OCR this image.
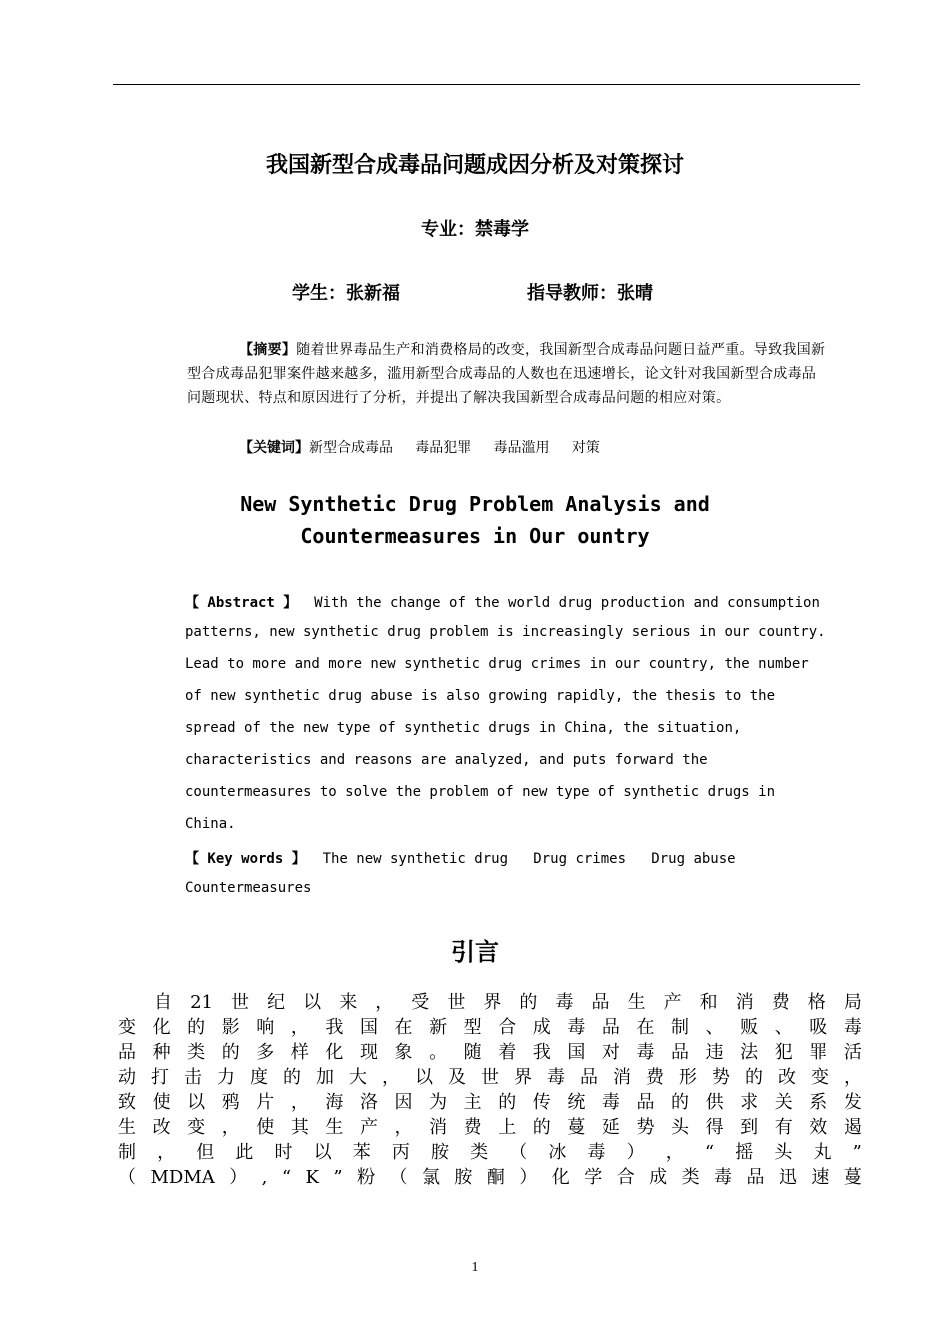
我国新型合成毒品问题成因分析及对策探讨
专业：禁毒学
学生：张新福	指导教师：张晴

【摘要】随着世界毒品生产和消费格局的改变，我国新型合成毒品问题日益严重。导致我国新型合成毒品犯罪案件越来越多，滥用新型合成毒品的人数也在迅速增长，论文针对我国新型合成毒品问题现状、特点和原因进行了分析，并提出了解决我国新型合成毒品问题的相应对策。

【关键词】新型合成毒品     毒品犯罪     毒品滥用     对策
New Synthetic Drug Problem Analysis and
Countermeasures in Our ountry
【 Abstract 】  With the change of the world drug production and consumption
patterns, new synthetic drug problem is increasingly serious in our country.
Lead to more and more new synthetic drug crimes in our country, the number
of new synthetic drug abuse is also growing rapidly, the thesis to the
spread of the new type of synthetic drugs in China, the situation,
characteristics and reasons are analyzed, and puts forward the
countermeasures to solve the problem of new type of synthetic drugs in
China.
【 Key words 】  The new synthetic drug   Drug crimes   Drug abuse
Countermeasures
引言

自 21 世 纪 以 来 ， 受 世 界 的 毒 品 生 产 和 消 费 格 局
变 化 的 影 响 ， 我 国 在 新 型 合 成 毒 品 在 制 、 贩 、 吸 毒
品 种 类 的 多 样 化 现 象 。 随 着 我 国 对 毒 品 违 法 犯 罪 活
动 打 击 力 度 的 加 大 ， 以 及 世 界 毒 品 消 费 形 势 的 改 变 ，
致 使 以 鸦 片 ， 海 洛 因 为 主 的 传 统 毒 品 的 供 求 关 系 发
生 改 变 ， 使 其 生 产 ， 消 费 上 的 蔓 延 势 头 得 到 有 效 遏
制 ， 但 此 时 以 苯 丙 胺 类 （ 冰 毒 ） ， “ 摇 头 丸 ”
（ MDMA ） , “ K ” 粉 （ 氯 胺 酮 ） 化 学 合 成 类 毒 品 迅 速 蔓
1
